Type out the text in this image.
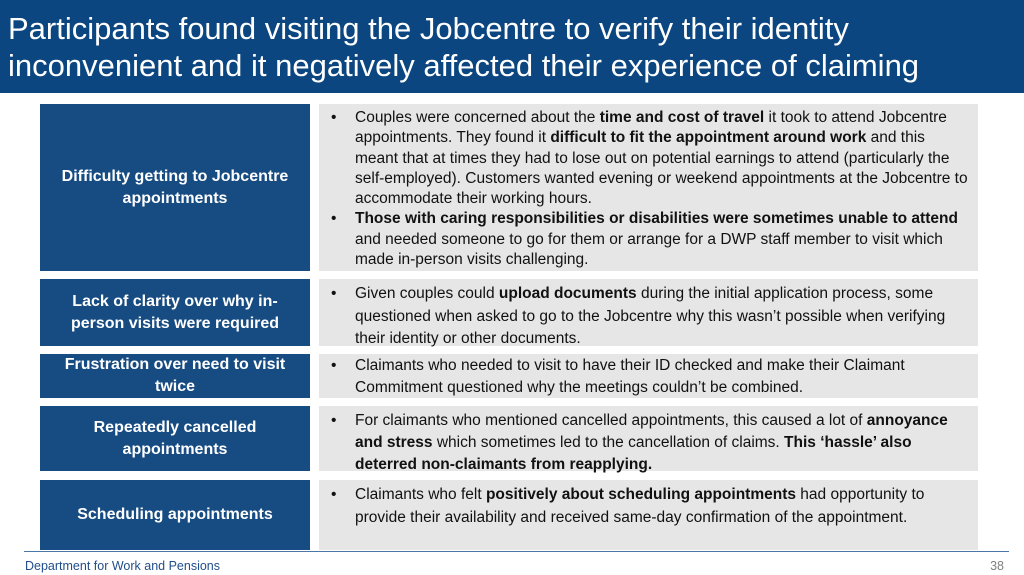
Participants found visiting the Jobcentre to verify their identity
inconvenient and it negatively affected their experience of claiming
Difficulty getting to Jobcentre appointments

• Couples were concerned about the time and cost of travel it took to attend Jobcentre appointments. They found it difficult to fit the appointment around work and this meant that at times they had to lose out on potential earnings to attend (particularly the self-employed). Customers wanted evening or weekend appointments at the Jobcentre to accommodate their working hours.

• Those with caring responsibilities or disabilities were sometimes unable to attend and needed someone to go for them or arrange for a DWP staff member to visit which made in-person visits challenging.

Lack of clarity over why in-person visits were required

• Given couples could upload documents during the initial application process, some questioned when asked to go to the Jobcentre why this wasn’t possible when verifying their identity or other documents.

Frustration over need to visit twice

• Claimants who needed to visit to have their ID checked and make their Claimant Commitment questioned why the meetings couldn’t be combined.

Repeatedly cancelled appointments

• For claimants who mentioned cancelled appointments, this caused a lot of annoyance and stress which sometimes led to the cancellation of claims. This ‘hassle’ also deterred non-claimants from reapplying.

Scheduling appointments

• Claimants who felt positively about scheduling appointments had opportunity to provide their availability and received same-day confirmation of the appointment.

Department for Work and Pensions	38
